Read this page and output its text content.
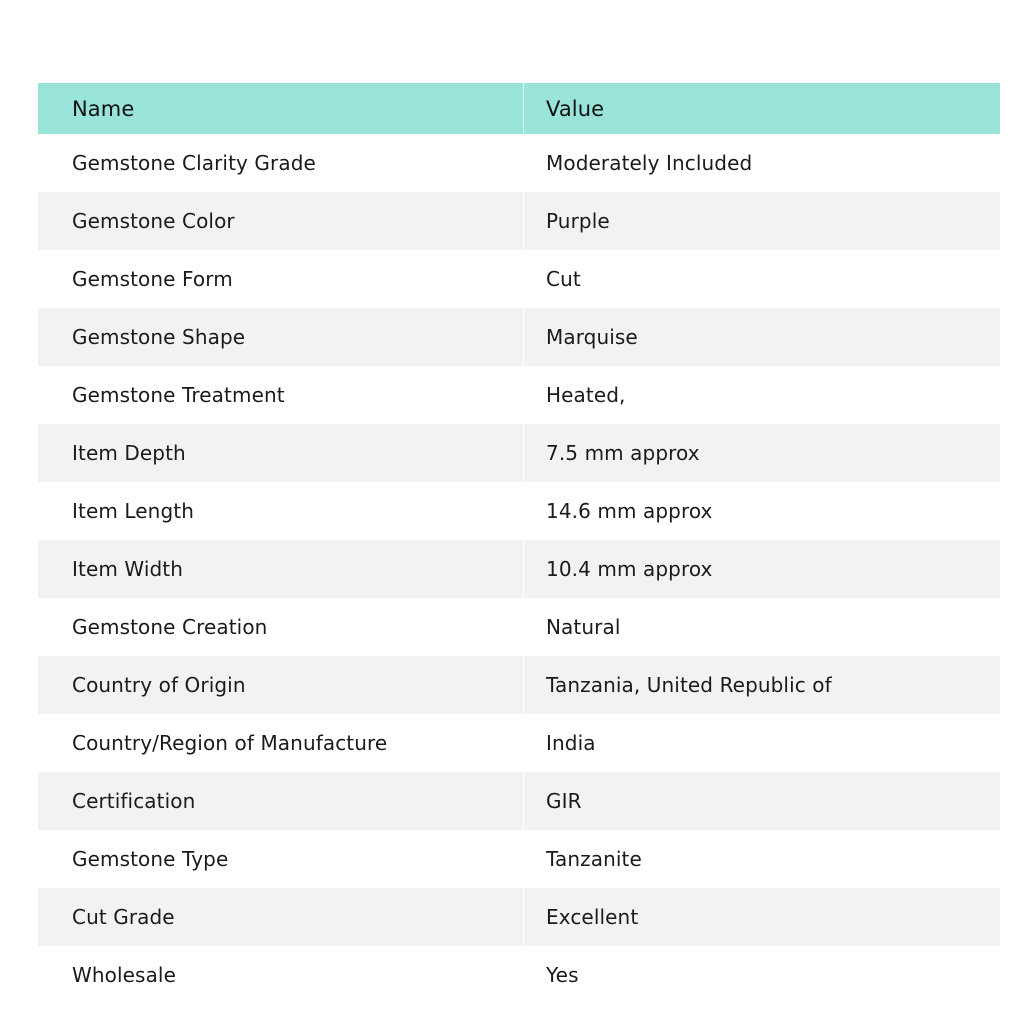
Name	Value
Gemstone Clarity Grade	Moderately Included
Gemstone Color	Purple
Gemstone Form	Cut
Gemstone Shape	Marquise
Gemstone Treatment	Heated,
Item Depth	7.5 mm approx
Item Length	14.6 mm approx
Item Width	10.4 mm approx
Gemstone Creation	Natural
Country of Origin	Tanzania, United Republic of
Country/Region of Manufacture	India
Certification	GIR
Gemstone Type	Tanzanite
Cut Grade	Excellent
Wholesale	Yes
